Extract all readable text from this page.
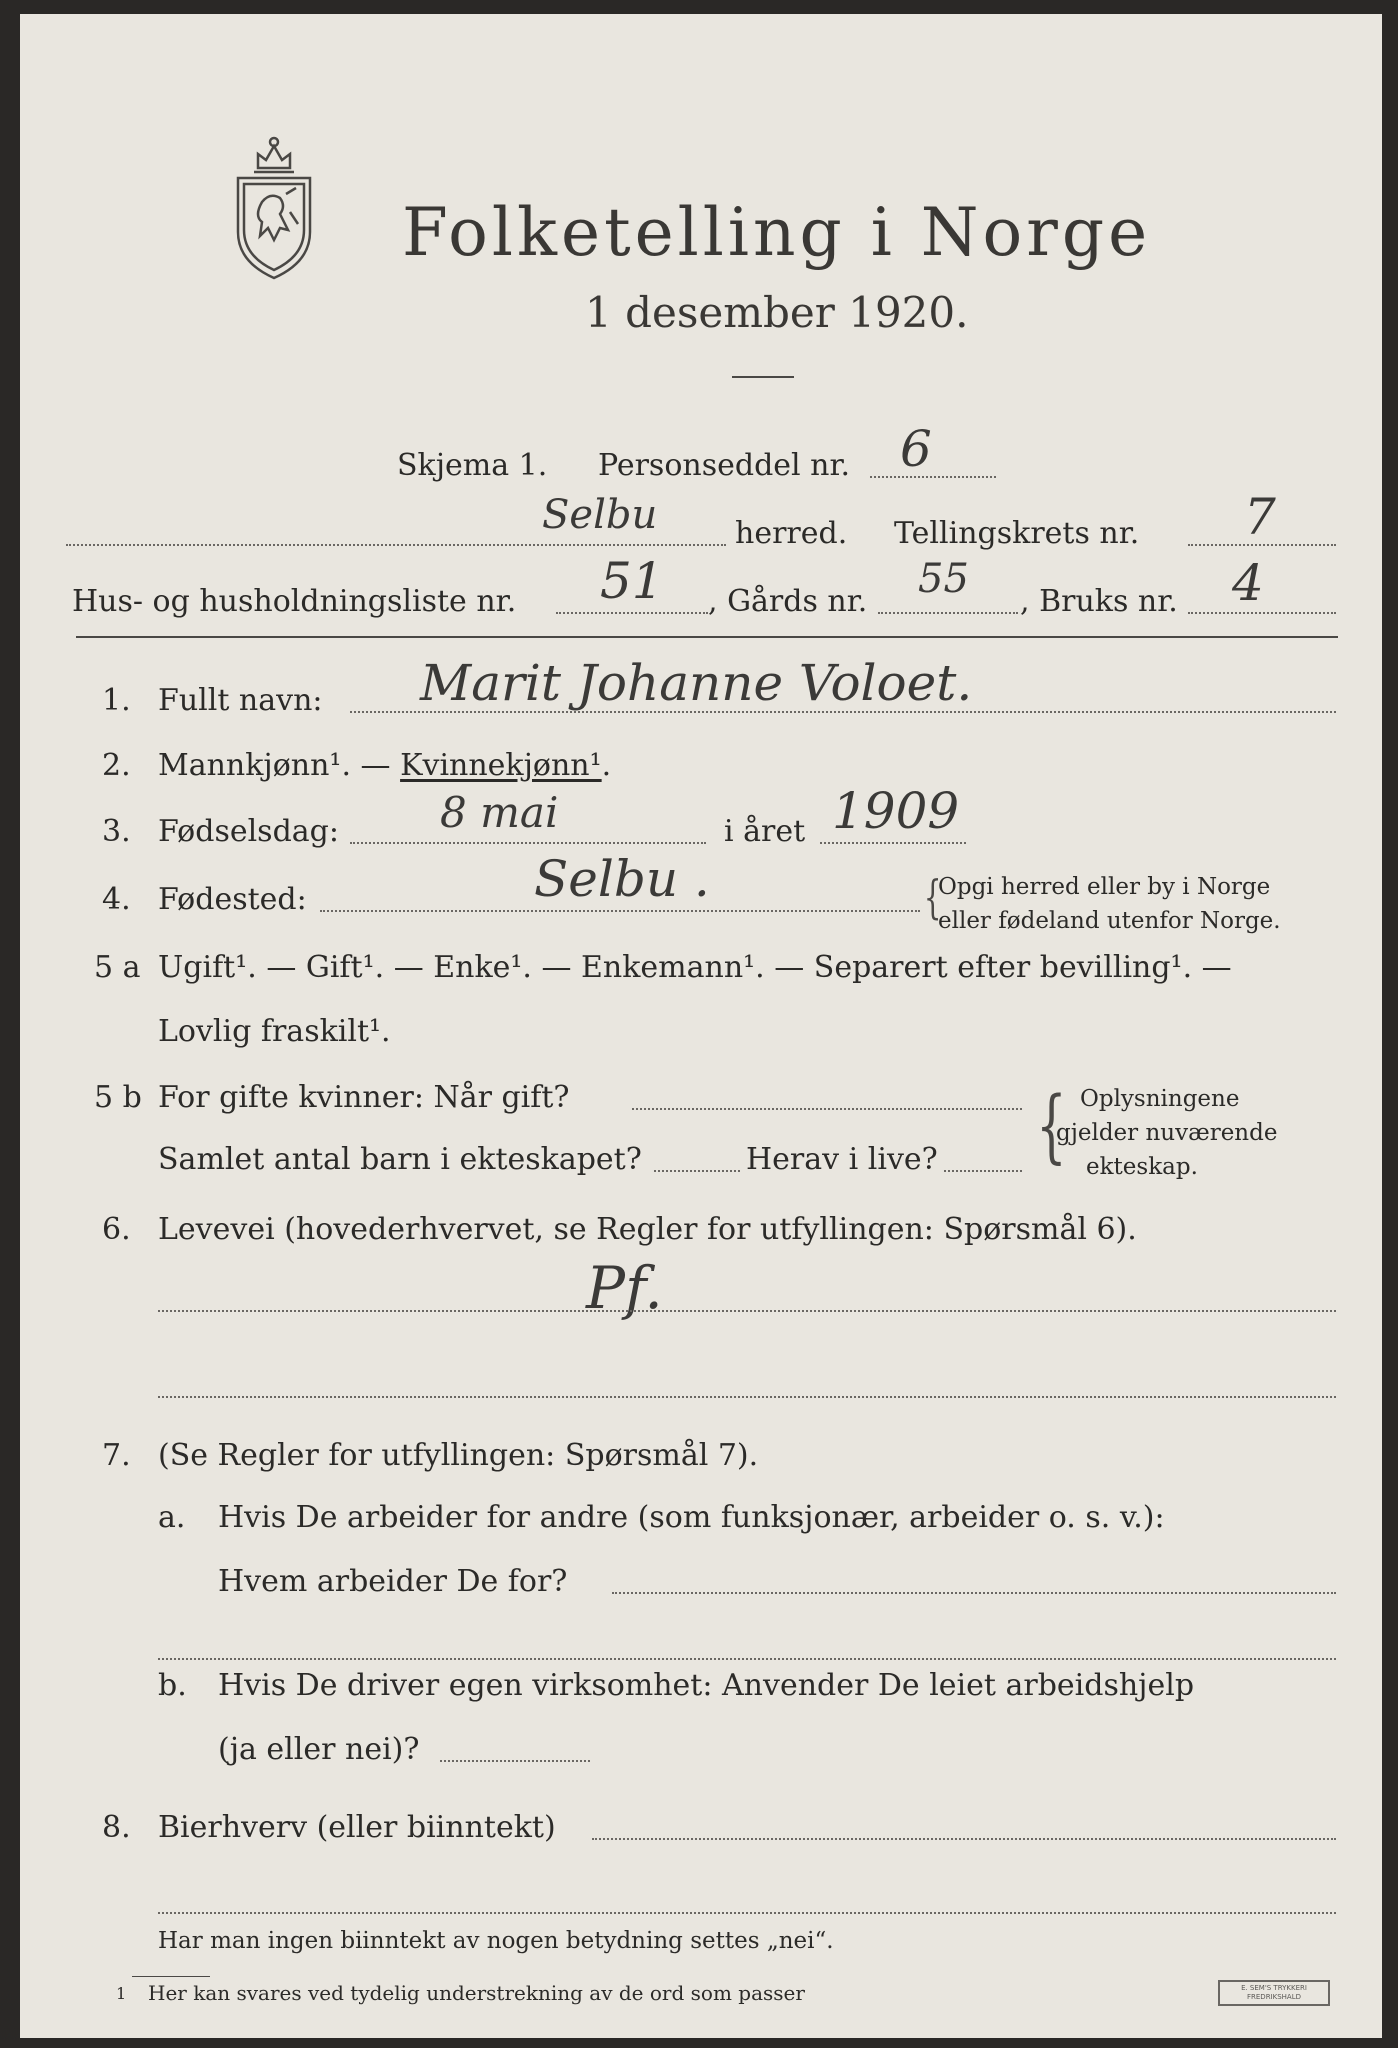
Folketelling i Norge
1 desember 1920.
Skjema 1. Personseddel nr. 6
Selbu	herred. Tellingskrets nr. 7
Hus- og husholdningsliste nr. 51 , Gårds nr. 55 , Bruks nr. 4
1. Fullt navn: Marit Johanne Voloet.
2. Mannkjønn¹. — Kvinnekjønn¹.
3. Fødselsdag: 8 mai	i året 1909
4. Fødested:	Selbu .	{
Opgi herred eller by i Norge
eller fødeland utenfor Norge.
5 a Ugift¹. — Gift¹. — Enke¹. — Enkemann¹. — Separert efter bevilling¹. —
Lovlig fraskilt¹.
5 b For gifte kvinner: Når gift?
Samlet antal barn i ekteskapet?	Herav i live? { Oplysningene
gjelder nuværende
ekteskap.
6. Levevei (hovederhvervet, se Regler for utfyllingen: Spørsmål 6).
Pf.
7. (Se Regler for utfyllingen: Spørsmål 7).
a. Hvis De arbeider for andre (som funksjonær, arbeider o. s. v.):
Hvem arbeider De for?
b. Hvis De driver egen virksomhet: Anvender De leiet arbeidshjelp
(ja eller nei)?
8. Bierhverv (eller biinntekt)
Har man ingen biinntekt av nogen betydning settes „nei“.
1 Her kan svares ved tydelig understrekning av de ord som passer	E. SEM'S TRYKKERI FREDRIKSHALD
